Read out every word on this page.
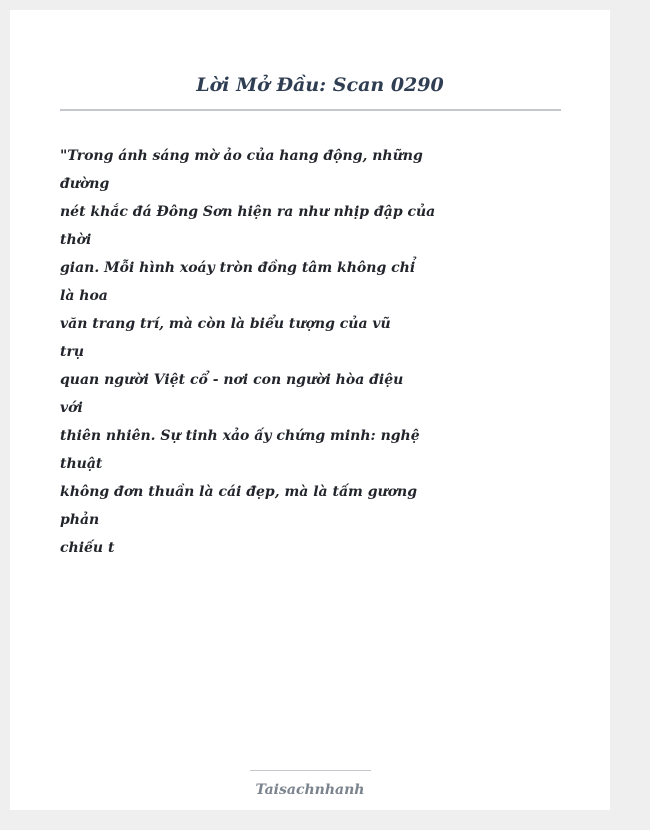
Lời Mở Đầu: Scan 0290
"Trong ánh sáng mờ ảo của hang động, những
đường
nét khắc đá Đông Sơn hiện ra như nhịp đập của
thời
gian. Mỗi hình xoáy tròn đồng tâm không chỉ
là hoa
văn trang trí, mà còn là biểu tượng của vũ
trụ
quan người Việt cổ - nơi con người hòa điệu
với
thiên nhiên. Sự tinh xảo ấy chứng minh: nghệ
thuật
không đơn thuần là cái đẹp, mà là tấm gương
phản
chiếu t
Taisachnhanh
